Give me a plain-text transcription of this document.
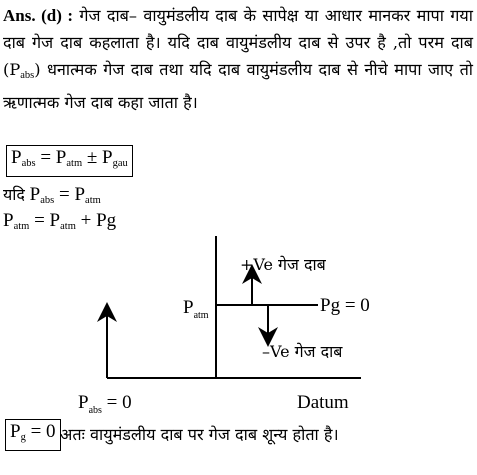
Ans. (d) : गेज दाब– वायुमंडलीय दाब के सापेक्ष या आधार मानकर मापा गया दाब गेज दाब कहलाता है। यदि दाब वायुमंडलीय दाब से उपर है ,तो परम दाब $(P_{abs})$ धनात्मक गेज दाब तथा यदि दाब वायुमंडलीय दाब से नीचे मापा जाए तो ऋणात्मक गेज दाब कहा जाता है।
$P_{abs} = P_{atm} \pm P_{gau}$
यदि $P_{abs} = P_{atm}$
$P_{atm} = P_{atm} + Pg$
+Ve गेज दाब
–Ve गेज दाब
Pg = 0
$P_{atm}$
$P_{abs} = 0$	Datum
$P_g = 0$ अतः वायुमंडलीय दाब पर गेज दाब शून्य होता है।
